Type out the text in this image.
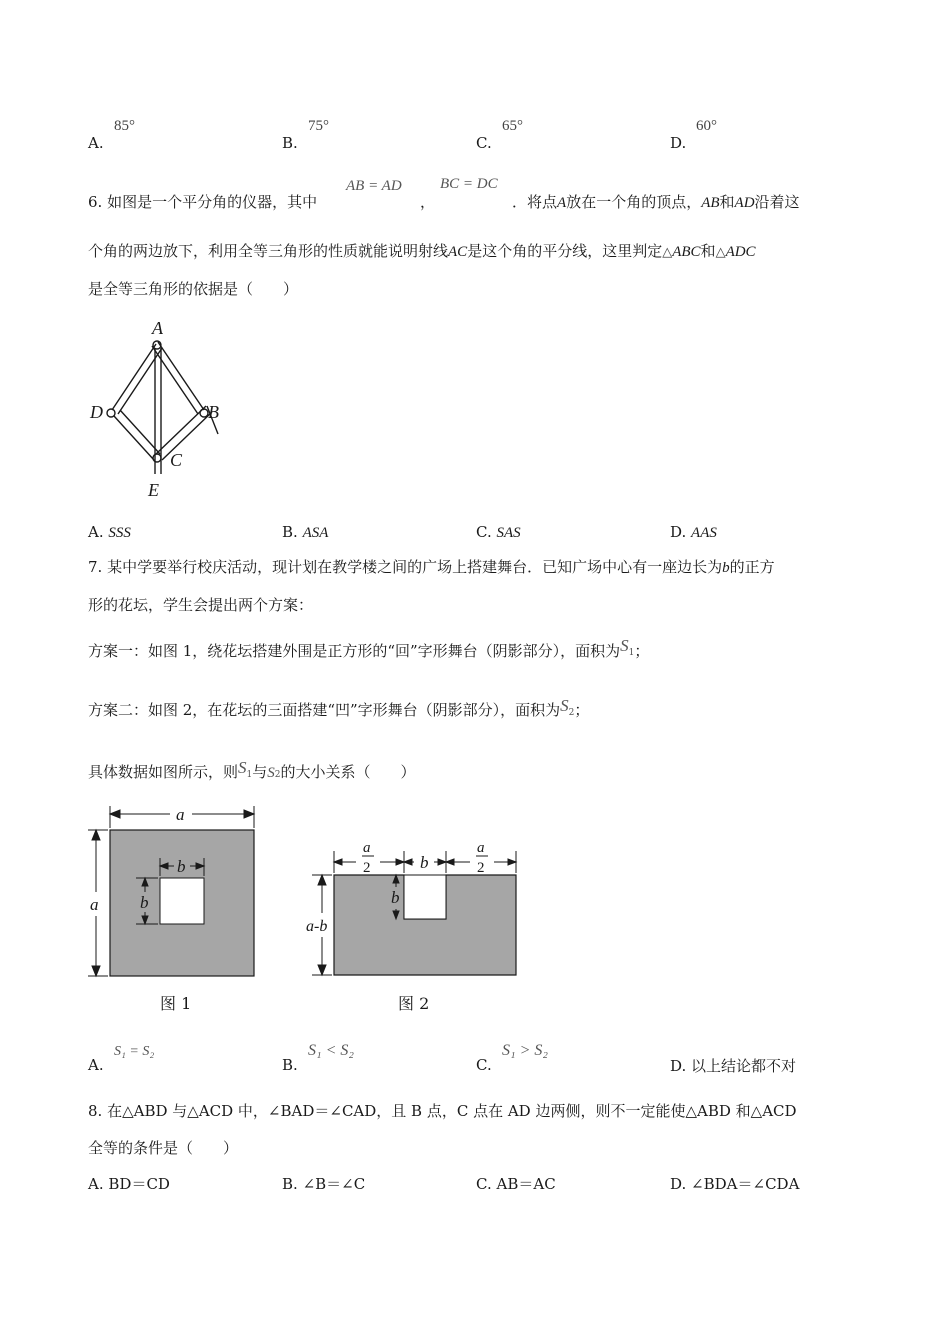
A.
85°
B.
75°
C.
65°
D.
60°
6. 如图是一个平分角的仪器，其中
AB = AD
，
BC = DC
．将点A放在一个角的顶点，AB和AD沿着这
个角的两边放下，利用全等三角形的性质就能说明射线AC是这个角的平分线，这里判定△ABC和△ADC
是全等三角形的依据是（　　）
A
D	B
C
E
A. SSS	B. ASA	C. SAS	D. AAS
7. 某中学要举行校庆活动，现计划在教学楼之间的广场上搭建舞台．已知广场中心有一座边长为b的正方
形的花坛，学生会提出两个方案：
方案一：如图 1，绕花坛搭建外围是正方形的“回”字形舞台（阴影部分），面积为S1；
方案二：如图 2，在花坛的三面搭建“凹”字形舞台（阴影部分），面积为S2；
具体数据如图所示，则S1与S2的大小关系（　　）
a
b
b
a
图 1
a
2	b
a
2
b
a-b
图 2
A.
S₁ = S₂
B.
S₁ < S₂
C.
S₁ > S₂
D. 以上结论都不对
8. 在△ABD 与△ACD 中，∠BAD＝∠CAD，且 B 点，C 点在 AD 边两侧，则不一定能使△ABD 和△ACD
全等的条件是（　　）
A. BD＝CD	B. ∠B＝∠C	C. AB＝AC	D. ∠BDA＝∠CDA
